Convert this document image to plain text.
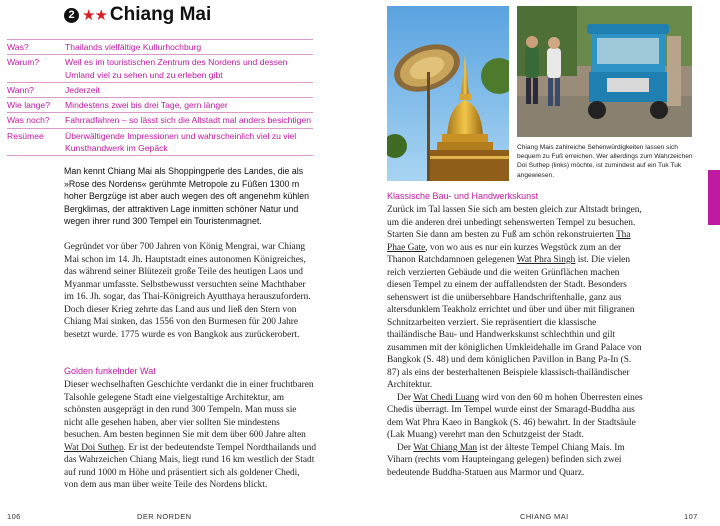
2 ★★ Chiang Mai
Was?	Thailands vielfältige Kulturhochburg
Warum?	Weil es im touristischen Zentrum des Nordens und dessen Umland viel zu sehen und zu erleben gibt
Wann?	Jederzeit
Wie lange?	Mindestens zwei bis drei Tage, gern länger
Was noch?	Fahrradfahren – so lässt sich die Altstadt mal anders besichtigen
Resümee	Überwältigende Impressionen und wahrscheinlich viel zu viel Kunsthandwerk im Gepäck
Man kennt Chiang Mai als Shoppingperle des Landes, die als »Rose des Nordens« gerühmte Metropole zu Füßen 1300 m hoher Bergzüge ist aber auch wegen des oft angenehm kühlen Bergklimas, der attraktiven Lage inmitten schöner Natur und wegen ihrer rund 300 Tempel ein Touristenmagnet.

Gegründet vor über 700 Jahren von König Mengrai, war Chiang Mai schon im 14. Jh. Hauptstadt eines autonomen Königreiches, das während seiner Blütezeit große Teile des heutigen Laos und Myanmar umfasste. Selbstbewusst versuchten seine Machthaber im 16. Jh. sogar, das Thai-Königreich Ayutthaya herauszufordern. Doch dieser Krieg zehrte das Land aus und ließ den Stern von Chiang Mai sinken, das 1556 von den Burmesen für 200 Jahre besetzt wurde. 1775 wurde es von Bangkok aus zurückerobert.

Golden funkelnder Wat

Dieser wechselhaften Geschichte verdankt die in einer fruchtbaren Talsohle gelegene Stadt eine vielgestaltige Architektur, am schönsten ausgeprägt in den rund 300 Tempeln. Man muss sie nicht alle gesehen haben, aber vier sollten Sie mindestens besuchen. Am besten beginnen Sie mit dem über 600 Jahre alten Wat Doi Suthep. Er ist der bedeutendste Tempel Nordthailands und das Wahrzeichen Chiang Mais, liegt rund 16 km westlich der Stadt auf rund 1000 m Höhe und präsentiert sich als goldener Chedi, von dem aus man über weite Teile des Nordens blickt.

106	DER NORDEN
Chiang Mais zahlreiche Sehenwürdigkeiten lassen sich bequem zu Fuß erreichen. Wer allerdings zum Wahrzeichen Doi Suthep (links) möchte, ist zumindest auf ein Tuk Tuk angewiesen.
Klassische Bau- und Handwerkskunst

Zurück im Tal lassen Sie sich am besten gleich zur Altstadt bringen, um die anderen drei unbedingt sehenswerten Tempel zu besuchen. Starten Sie dann am besten zu Fuß am schön rekonstruierten Tha Phae Gate, von wo aus es nur ein kurzes Wegstück zum an der Thanon Ratchdamnoen gelegenen Wat Phra Singh ist. Die vielen reich verzierten Gebäude und die weiten Grünflächen machen diesen Tempel zu einem der auffallendsten der Stadt. Besonders sehenswert ist die unübersehbare Handschriftenhalle, ganz aus altersdunklem Teakholz errichtet und über und über mit filigranen Schnitzarbeiten verziert. Sie repräsentiert die klassische thailändische Bau- und Handwerkskunst schlechthin und gilt zusammen mit der königlichen Umkleidehalle im Grand Palace von Bangkok (S. 48) und dem königlichen Pavillon in Bang Pa-In (S. 87) als eins der besterhaltenen Beispiele klassisch-thailändischer Architektur.

Der Wat Chedi Luang wird von den 60 m hohen Überresten eines Chedis überragt. Im Tempel wurde einst der Smaragd-Buddha aus dem Wat Phra Kaeo in Bangkok (S. 46) bewahrt. In der Stadtsäule (Lak Muang) verehrt man den Schutzgeist der Stadt.

Der Wat Chiang Man ist der älteste Tempel Chiang Mais. Im Viharn (rechts vom Haupteingang gelegen) befinden sich zwei bedeutende Buddha-Statuen aus Marmor und Quarz.

CHIANG MAI	107
